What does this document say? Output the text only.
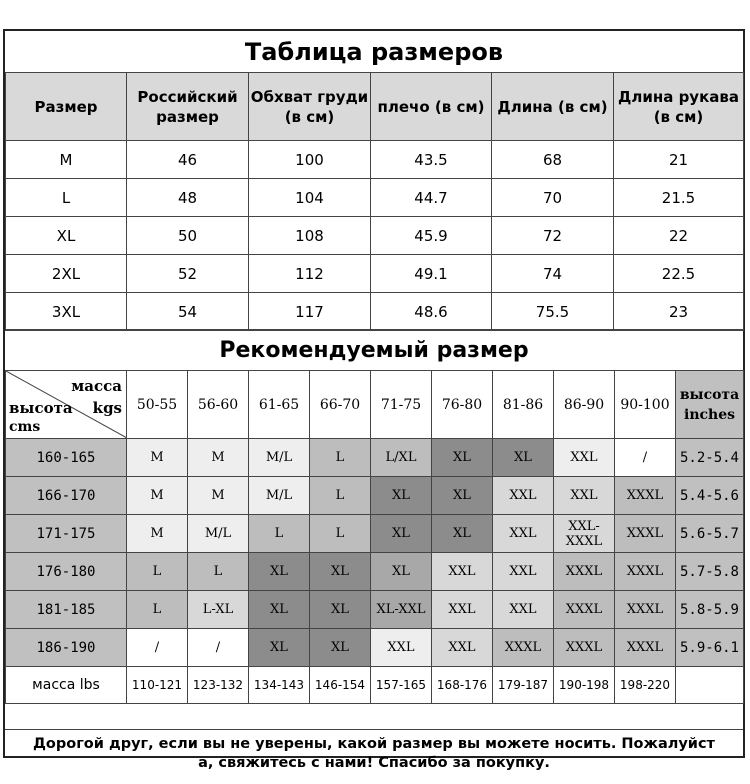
Таблица размеров
Размер	Российский размер	Обхват груди (в см)	плечо (в см)	Длина (в см)	Длина рукава (в см)
M	46	100	43.5	68	21
L	48	104	44.7	70	21.5
XL	50	108	45.9	72	22
2XL	52	112	49.1	74	22.5
3XL	54	117	48.6	75.5	23
Рекомендуемый размер
масса
высота kgs
cms	50-55	56-60	61-65	66-70	71-75	76-80	81-86	86-90	90-100	высота inches
160-165	M	M	M/L	L	L/XL	XL	XL	XXL	/	5.2-5.4
166-170	M	M	M/L	L	XL	XL	XXL	XXL	XXXL	5.4-5.6
171-175	M	M/L	L	L	XL	XL	XXL	XXL-XXXL	XXXL	5.6-5.7
176-180	L	L	XL	XL	XL	XXL	XXL	XXXL	XXXL	5.7-5.8
181-185	L	L-XL	XL	XL	XL-XXL	XXL	XXL	XXXL	XXXL	5.8-5.9
186-190	/	/	XL	XL	XXL	XXL	XXXL	XXXL	XXXL	5.9-6.1
масса lbs	110-121	123-132	134-143	146-154	157-165	168-176	179-187	190-198	198-220	
Дорогой друг, если вы не уверены, какой размер вы можете носить. Пожалуйст
а, свяжитесь с нами! Спасибо за покупку.
